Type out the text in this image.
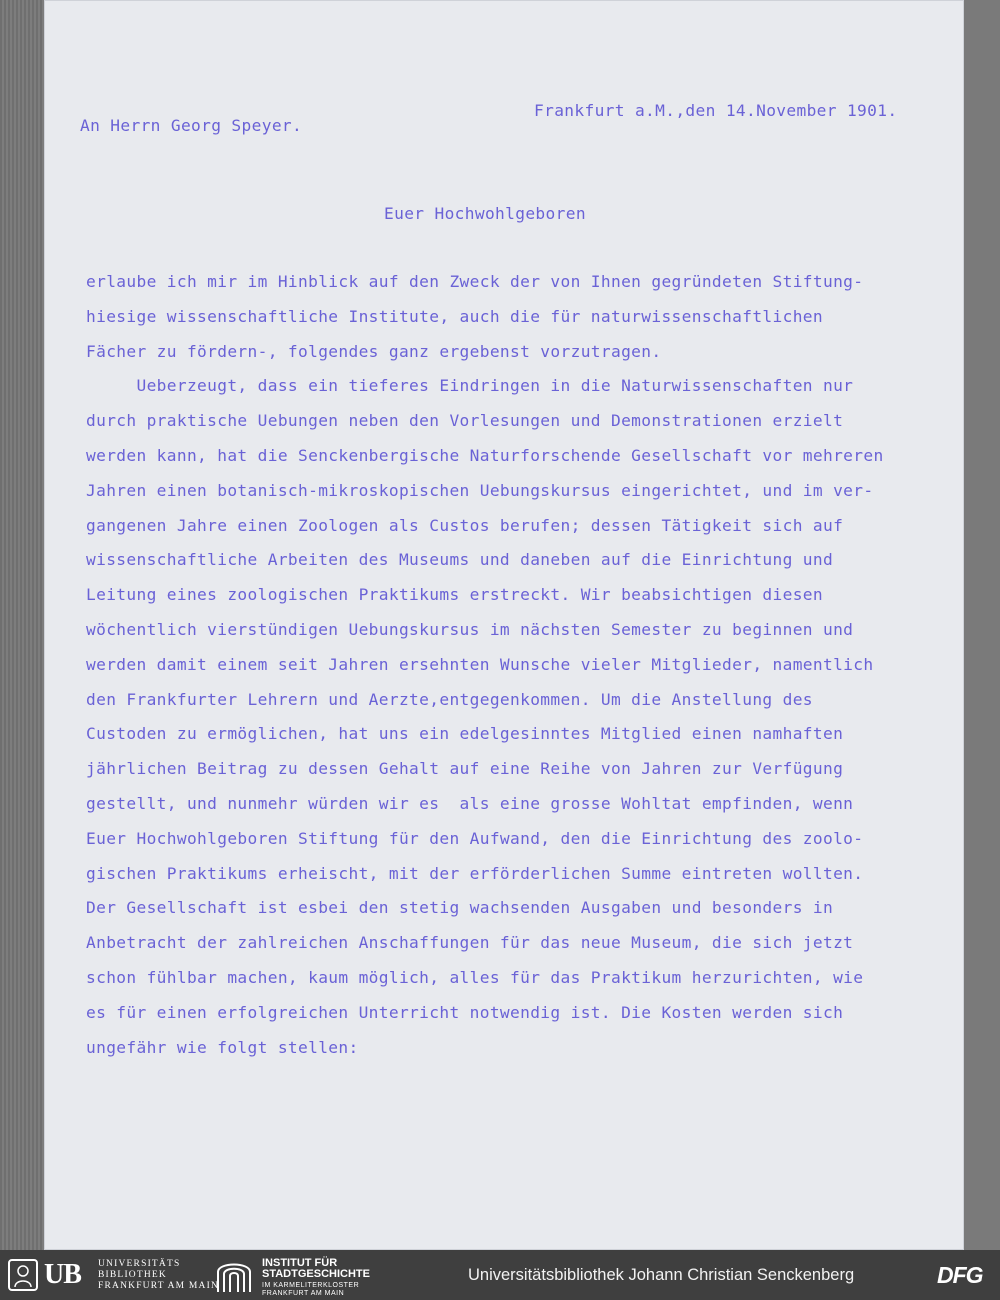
Frankfurt a.M.,den 14.November 1901.

An Herrn Georg Speyer.

Euer Hochwohlgeboren

erlaube ich mir im Hinblick auf den Zweck der von Ihnen gegründeten Stiftung-

hiesige wissenschaftliche Institute, auch die für naturwissenschaftlichen

Fächer zu fördern-, folgendes ganz ergebenst vorzutragen.

Ueberzeugt, dass ein tieferes Eindringen in die Naturwissenschaften nur

durch praktische Uebungen neben den Vorlesungen und Demonstrationen erzielt

werden kann, hat die Senckenbergische Naturforschende Gesellschaft vor mehreren

Jahren einen botanisch-mikroskopischen Uebungskursus eingerichtet, und im ver-

gangenen Jahre einen Zoologen als Custos berufen; dessen Tätigkeit sich auf

wissenschaftliche Arbeiten des Museums und daneben auf die Einrichtung und

Leitung eines zoologischen Praktikums erstreckt. Wir beabsichtigen diesen

wöchentlich vierstündigen Uebungskursus im nächsten Semester zu beginnen und

werden damit einem seit Jahren ersehnten Wunsche vieler Mitglieder, namentlich

den Frankfurter Lehrern und Aerzte,entgegenkommen. Um die Anstellung des

Custoden zu ermöglichen, hat uns ein edelgesinntes Mitglied einen namhaften

jährlichen Beitrag zu dessen Gehalt auf eine Reihe von Jahren zur Verfügung

gestellt, und nunmehr würden wir es  als eine grosse Wohltat empfinden, wenn

Euer Hochwohlgeboren Stiftung für den Aufwand, den die Einrichtung des zoolo-

gischen Praktikums erheischt, mit der erförderlichen Summe eintreten wollten.

Der Gesellschaft ist esbei den stetig wachsenden Ausgaben und besonders in

Anbetracht der zahlreichen Anschaffungen für das neue Museum, die sich jetzt

schon fühlbar machen, kaum möglich, alles für das Praktikum herzurichten, wie

es für einen erfolgreichen Unterricht notwendig ist. Die Kosten werden sich

ungefähr wie folgt stellen:

UB UNIVERSITÄTS
BIBLIOTHEK
FRANKFURT AM MAIN
INSTITUT FÜR
STADTGESCHICHTE
IM KARMELITERKLOSTER
FRANKFURT AM MAIN
Universitätsbibliothek Johann Christian Senckenberg	DFG
